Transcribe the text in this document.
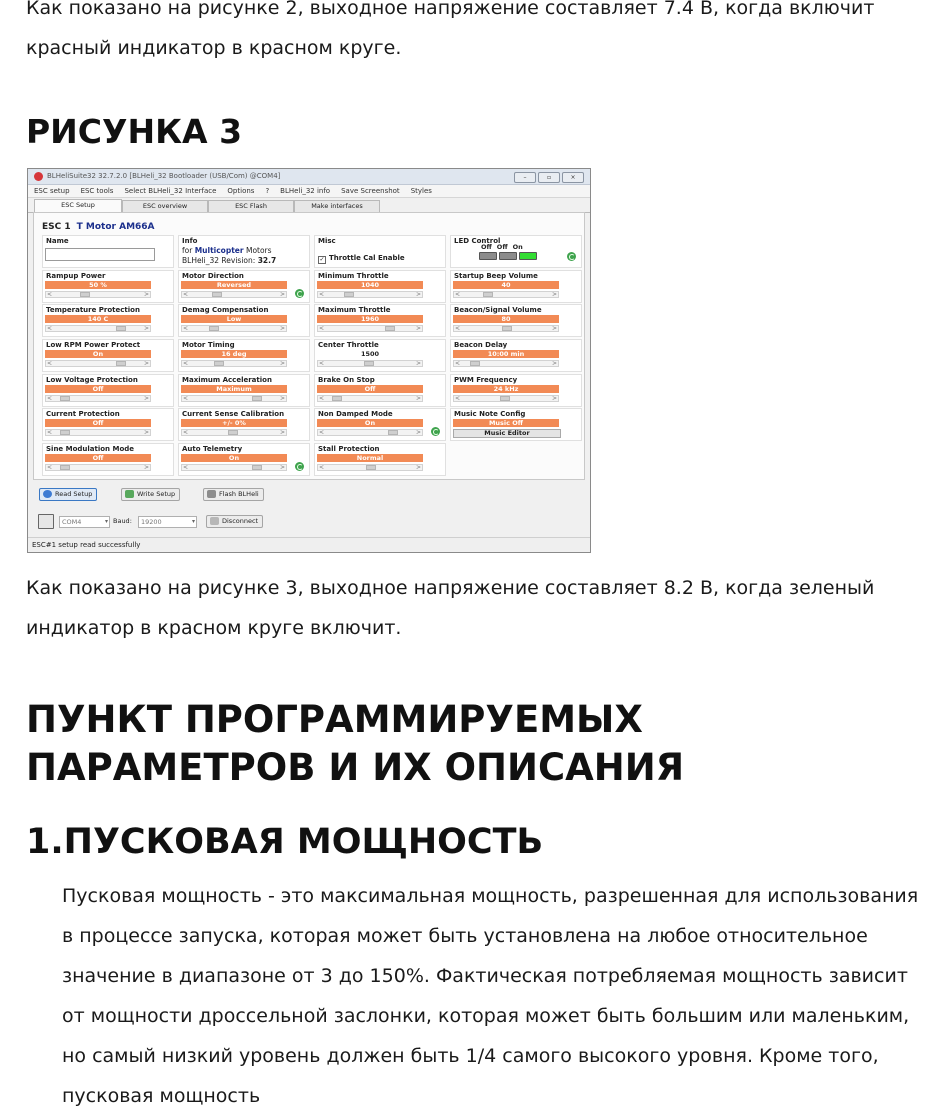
Как показано на рисунке 2, выходное напряжение составляет 7.4 В, когда включит красный индикатор в красном круге.

РИСУНКА 3
BLHeliSuite32 32.7.2.0 [BLHeli_32 Bootloader (USB/Com) @COM4]	–	▫	×
ESC setup ESC tools Select BLHeli_32 Interface Options ? BLHeli_32 info Save Screenshot Styles
ESC Setup	ESC overview	ESC Flash	Make interfaces
ESC 1 T Motor AM66A
Name	Info
for Multicopter Motors
BLHeli_32 Revision: 32.7
Misc
✓ Throttle Cal Enable
LED Control
Off Off On
Music Note Config
Music Off
Music Editor
Rampup Power
50 %
<	>
Motor Direction
Reversed
<	>
Minimum Throttle
1040
<	>
Startup Beep Volume
40
<	>
Temperature Protection
140 C
<	>
Demag Compensation
Low
<	>
Maximum Throttle
1960
<	>
Beacon/Signal Volume
80
<	>
Low RPM Power Protect
On
<	>
Motor Timing
16 deg
<	>
Center Throttle
1500
<	>
Beacon Delay
10:00 min
<	>
Low Voltage Protection
Off
<	>
Maximum Acceleration
Maximum
<	>
Brake On Stop
Off
<	>
PWM Frequency
24 kHz
<	>
Current Protection
Off
<	>
Current Sense Calibration
+/- 0%
<	>
Non Damped Mode
On
<	>
Sine Modulation Mode
Off
<	>
Auto Telemetry
On
<	>
Stall Protection
Normal
<	>
Read Setup	Write Setup	Flash BLHeli
COM4	▾ Baud:	19200	▾	Disconnect
ESC#1 setup read successfully

Как показано на рисунке 3, выходное напряжение составляет 8.2 В, когда зеленый индикатор в красном круге включит.

ПУНКТ ПРОГРАММИРУЕМЫХ ПАРАМЕТРОВ И ИХ ОПИСАНИЯ
1.ПУСКОВАЯ МОЩНОСТЬ

Пусковая мощность - это максимальная мощность, разрешенная для использования в процессе запуска, которая может быть установлена на любое относительное значение в диапазоне от 3 до 150%. Фактическая потребляемая мощность зависит от мощности дроссельной заслонки, которая может быть большим или маленьким, но самый низкий уровень должен быть 1/4 самого высокого уровня. Кроме того, пусковая мощность
